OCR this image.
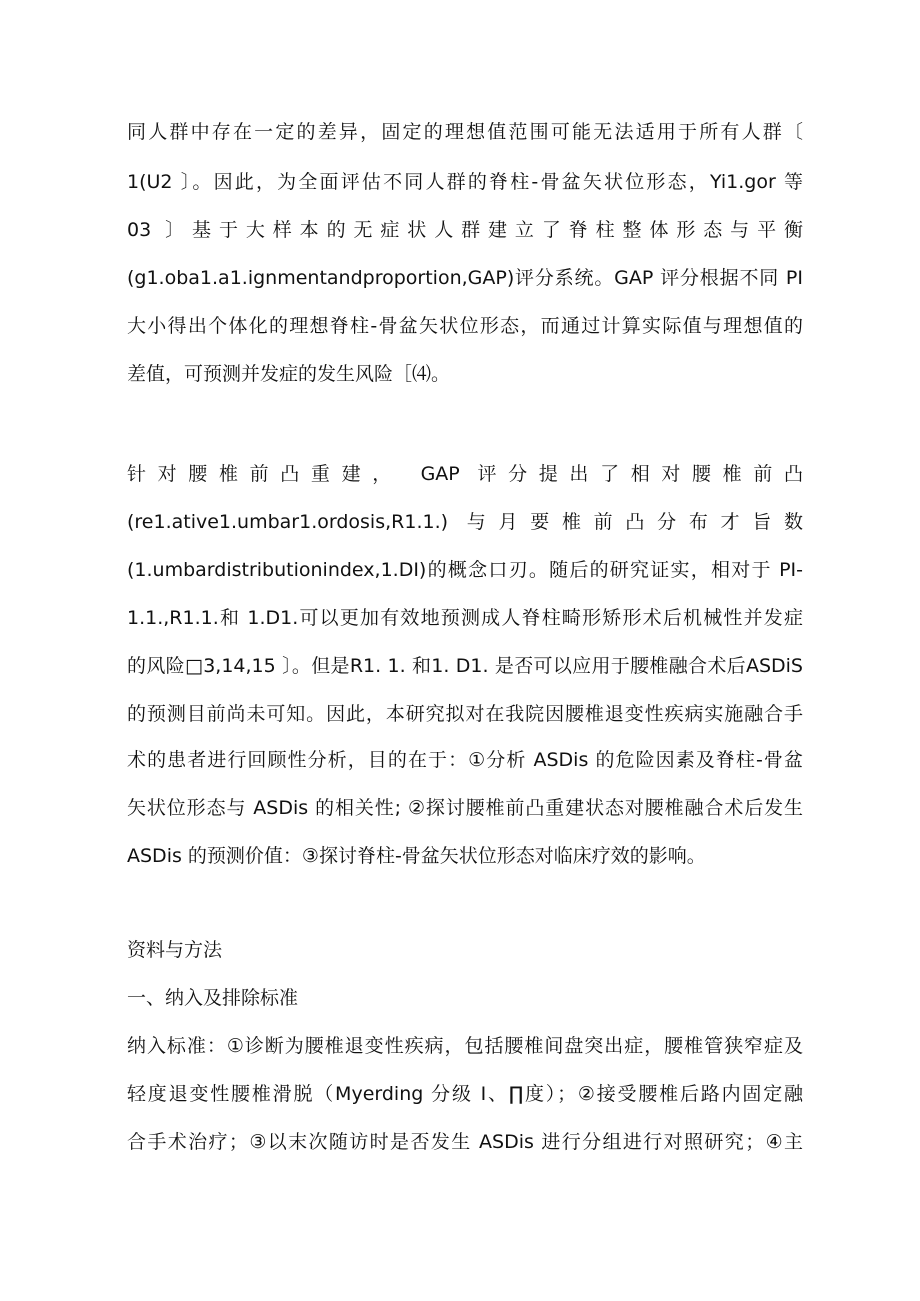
同人群中存在一定的差异，固定的理想值范围可能无法适用于所有人群〔
1(U2 〕。因此，为全面评估不同人群的脊柱-骨盆矢状位形态，Yi1.gor 等
03 〕基于大样本的无症状人群建立了脊柱整体形态与平衡
(g1.oba1.a1.ignmentandproportion,GAP)评分系统。GAP 评分根据不同 PI
大小得出个体化的理想脊柱-骨盆矢状位形态，而通过计算实际值与理想值的
差值，可预测并发症的发生风险［⑷。
针对腰椎前凸重建， GAP 评分提出了相对腰椎前凸
(re1.ative1.umbar1.ordosis,R1.1.) 与月要椎前凸分布才旨数
(1.umbardistributionindex,1.DI)的概念口刃。随后的研究证实，相对于 PI-
1.1.,R1.1.和 1.D1.可以更加有效地预测成人脊柱畸形矫形术后机械性并发症
的风险□3,14,15 〕。但是R1. 1. 和1. D1. 是否可以应用于腰椎融合术后ASDiS
的预测目前尚未可知。因此，本研究拟对在我院因腰椎退变性疾病实施融合手
术的患者进行回顾性分析，目的在于：①分析 ASDis 的危险因素及脊柱-骨盆
矢状位形态与 ASDis 的相关性; ②探讨腰椎前凸重建状态对腰椎融合术后发生
ASDis 的预测价值：③探讨脊柱-骨盆矢状位形态对临床疗效的影响。
资料与方法
一、纳入及排除标准
纳入标准：①诊断为腰椎退变性疾病，包括腰椎间盘突出症，腰椎管狭窄症及
轻度退变性腰椎滑脱（Myerding 分级 I、∏度）；②接受腰椎后路内固定融
合手术治疗；③以末次随访时是否发生 ASDis 进行分组进行对照研究；④主
